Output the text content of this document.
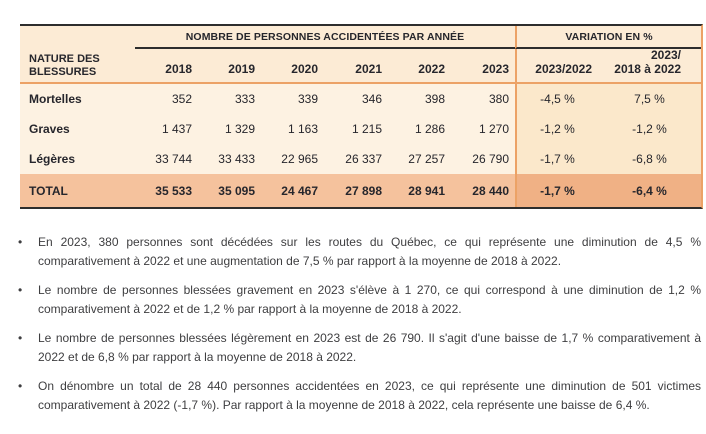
NOMBRE DE PERSONNES ACCIDENTÉES PAR ANNÉE	VARIATION EN %
NATURE DES BLESSURES	2018	2019	2020	2021	2022	2023	2023/2022
2023/
2018 à 2022
Mortelles	352	333	339	346	398	380	-4,5 %	7,5 %
Graves	1 437	1 329	1 163	1 215	1 286	1 270	-1,2 %	-1,2 %
Légères	33 744	33 433	22 965	26 337	27 257	26 790	-1,7 %	-6,8 %
TOTAL	35 533	35 095	24 467	27 898	28 941	28 440	-1,7 %	-6,4 %
• En 2023, 380 personnes sont décédées sur les routes du Québec, ce qui représente une diminution de 4,5 % comparativement à 2022 et une augmentation de 7,5 % par rapport à la moyenne de 2018 à 2022.
• Le nombre de personnes blessées gravement en 2023 s'élève à 1 270, ce qui correspond à une diminution de 1,2 % comparativement à 2022 et de 1,2 % par rapport à la moyenne de 2018 à 2022.
• Le nombre de personnes blessées légèrement en 2023 est de 26 790. Il s'agit d'une baisse de 1,7 % comparativement à 2022 et de 6,8 % par rapport à la moyenne de 2018 à 2022.
• On dénombre un total de 28 440 personnes accidentées en 2023, ce qui représente une diminution de 501 victimes comparativement à 2022 (-1,7 %). Par rapport à la moyenne de 2018 à 2022, cela représente une baisse de 6,4 %.
